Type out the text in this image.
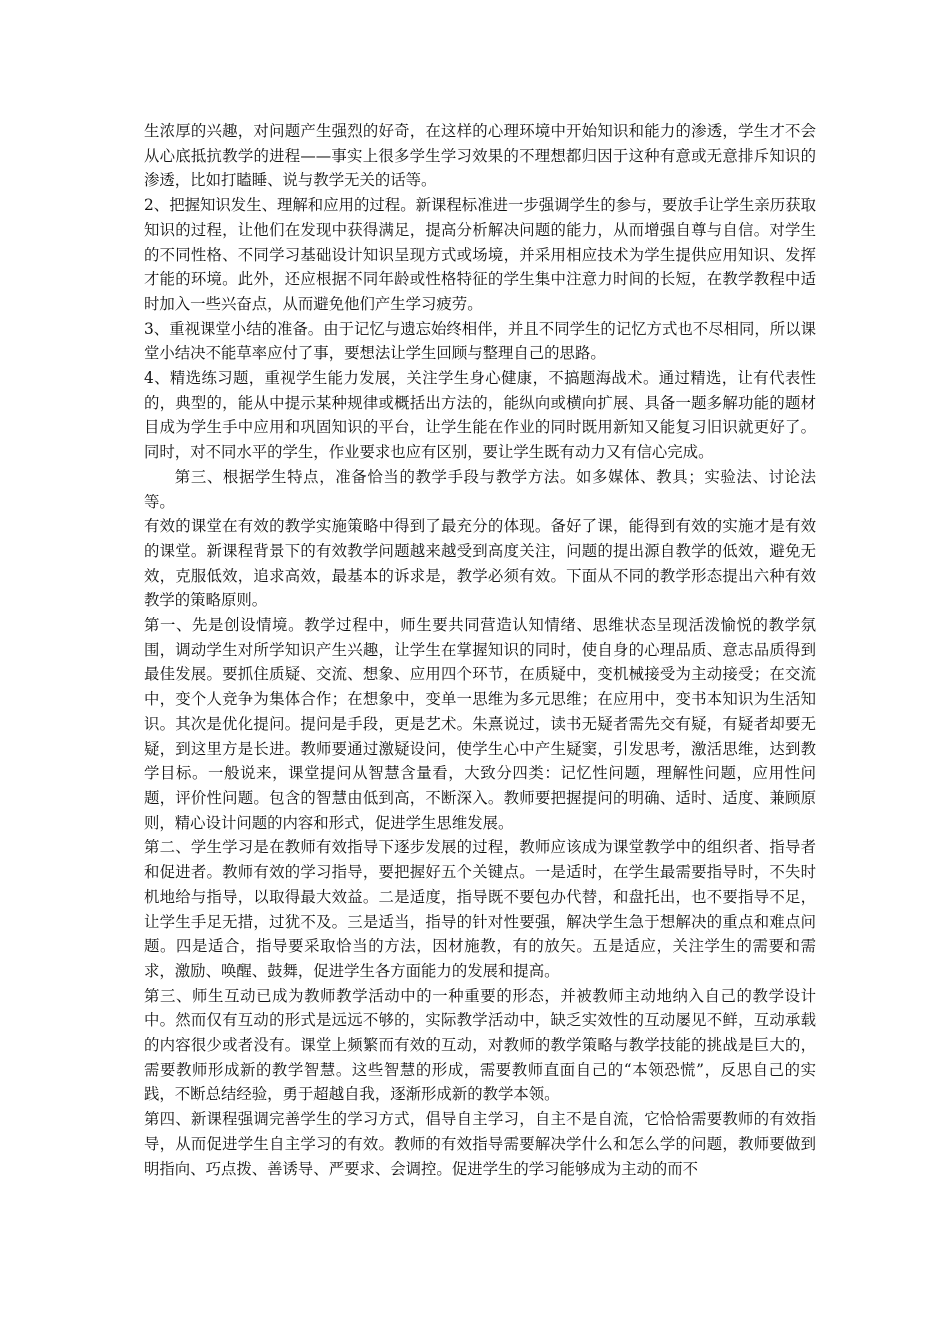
生浓厚的兴趣，对问题产生强烈的好奇，在这样的心理环境中开始知识和能力的渗透，学生才不会从心底抵抗教学的进程——事实上很多学生学习效果的不理想都归因于这种有意或无意排斥知识的渗透，比如打瞌睡、说与教学无关的话等。

2、把握知识发生、理解和应用的过程。新课程标准进一步强调学生的参与，要放手让学生亲历获取知识的过程，让他们在发现中获得满足，提高分析解决问题的能力，从而增强自尊与自信。对学生的不同性格、不同学习基础设计知识呈现方式或场境，并采用相应技术为学生提供应用知识、发挥才能的环境。此外，还应根据不同年龄或性格特征的学生集中注意力时间的长短，在教学教程中适时加入一些兴奋点，从而避免他们产生学习疲劳。

3、重视课堂小结的准备。由于记忆与遗忘始终相伴，并且不同学生的记忆方式也不尽相同，所以课堂小结决不能草率应付了事，要想法让学生回顾与整理自己的思路。

4、精选练习题，重视学生能力发展，关注学生身心健康，不搞题海战术。通过精选，让有代表性的，典型的，能从中提示某种规律或概括出方法的，能纵向或横向扩展、具备一题多解功能的题材目成为学生手中应用和巩固知识的平台，让学生能在作业的同时既用新知又能复习旧识就更好了。同时，对不同水平的学生，作业要求也应有区别，要让学生既有动力又有信心完成。

第三、根据学生特点，准备恰当的教学手段与教学方法。如多媒体、教具；实验法、讨论法等。

有效的课堂在有效的教学实施策略中得到了最充分的体现。备好了课，能得到有效的实施才是有效的课堂。新课程背景下的有效教学问题越来越受到高度关注，问题的提出源自教学的低效，避免无效，克服低效，追求高效，最基本的诉求是，教学必须有效。下面从不同的教学形态提出六种有效教学的策略原则。

第一、先是创设情境。教学过程中，师生要共同营造认知情绪、思维状态呈现活泼愉悦的教学氛围，调动学生对所学知识产生兴趣，让学生在掌握知识的同时，使自身的心理品质、意志品质得到最佳发展。要抓住质疑、交流、想象、应用四个环节，在质疑中，变机械接受为主动接受；在交流中，变个人竞争为集体合作；在想象中，变单一思维为多元思维；在应用中，变书本知识为生活知识。其次是优化提问。提问是手段，更是艺术。朱熹说过，读书无疑者需先交有疑，有疑者却要无疑，到这里方是长进。教师要通过激疑设问，使学生心中产生疑窦，引发思考，激活思维，达到教学目标。一般说来，课堂提问从智慧含量看，大致分四类：记忆性问题，理解性问题，应用性问题，评价性问题。包含的智慧由低到高，不断深入。教师要把握提问的明确、适时、适度、兼顾原则，精心设计问题的内容和形式，促进学生思维发展。

第二、学生学习是在教师有效指导下逐步发展的过程，教师应该成为课堂教学中的组织者、指导者和促进者。教师有效的学习指导，要把握好五个关键点。一是适时，在学生最需要指导时，不失时机地给与指导，以取得最大效益。二是适度，指导既不要包办代替，和盘托出，也不要指导不足，让学生手足无措，过犹不及。三是适当，指导的针对性要强，解决学生急于想解决的重点和难点问题。四是适合，指导要采取恰当的方法，因材施教，有的放矢。五是适应，关注学生的需要和需求，激励、唤醒、鼓舞，促进学生各方面能力的发展和提高。

第三、师生互动已成为教师教学活动中的一种重要的形态，并被教师主动地纳入自己的教学设计中。然而仅有互动的形式是远远不够的，实际教学活动中，缺乏实效性的互动屡见不鲜，互动承载的内容很少或者没有。课堂上频繁而有效的互动，对教师的教学策略与教学技能的挑战是巨大的，需要教师形成新的教学智慧。这些智慧的形成，需要教师直面自己的“本领恐慌”，反思自己的实践，不断总结经验，勇于超越自我，逐渐形成新的教学本领。

第四、新课程强调完善学生的学习方式，倡导自主学习，自主不是自流，它恰恰需要教师的有效指导，从而促进学生自主学习的有效。教师的有效指导需要解决学什么和怎么学的问题，教师要做到明指向、巧点拨、善诱导、严要求、会调控。促进学生的学习能够成为主动的而不
